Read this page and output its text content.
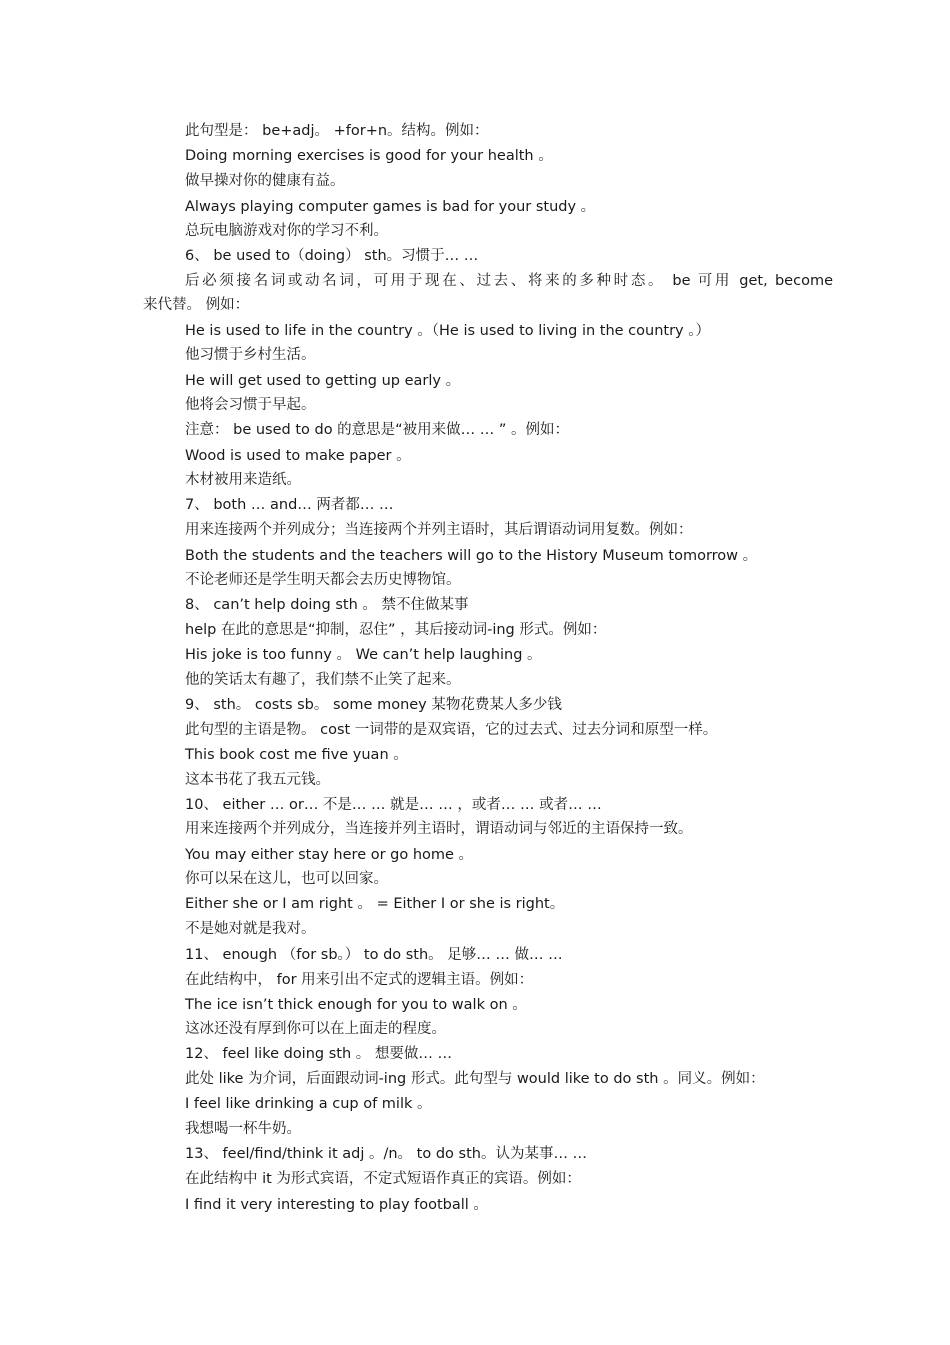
此句型是： be+adj。 +for+n。结构。例如：
Doing morning exercises is good for your health 。
做早操对你的健康有益。
Always playing computer games is bad for your study 。
总玩电脑游戏对你的学习不利。
6、 be used to（doing） sth。习惯于… …
后必须接名词或动名词，可用于现在、过去、将来的多种时态。 be 可用 get, become
来代替。 例如：
He is used to life in the country 。（He is used to living in the country 。）
他习惯于乡村生活。
He will get used to getting up early 。
他将会习惯于早起。
注意： be used to do 的意思是“被用来做… … ” 。例如：
Wood is used to make paper 。
木材被用来造纸。
7、 both … and… 两者都… …
用来连接两个并列成分；当连接两个并列主语时，其后谓语动词用复数。例如：
Both the students and the teachers will go to the History Museum tomorrow 。
不论老师还是学生明天都会去历史博物馆。
8、 can’t help doing sth 。 禁不住做某事
help 在此的意思是“抑制，忍住” ，其后接动词-ing 形式。例如：
His joke is too funny 。 We can’t help laughing 。
他的笑话太有趣了，我们禁不止笑了起来。
9、 sth。 costs sb。 some money 某物花费某人多少钱
此句型的主语是物。 cost 一词带的是双宾语，它的过去式、过去分词和原型一样。
This book cost me five yuan 。
这本书花了我五元钱。
10、 either … or… 不是… … 就是… … ，或者… … 或者… …
用来连接两个并列成分，当连接并列主语时，谓语动词与邻近的主语保持一致。
You may either stay here or go home 。
你可以呆在这儿，也可以回家。
Either she or I am right 。 = Either I or she is right。
不是她对就是我对。
11、 enough （for sb。） to do sth。 足够… … 做… …
在此结构中， for 用来引出不定式的逻辑主语。例如：
The ice isn’t thick enough for you to walk on 。
这冰还没有厚到你可以在上面走的程度。
12、 feel like doing sth 。 想要做… …
此处 like 为介词，后面跟动词-ing 形式。此句型与 would like to do sth 。同义。例如：
I feel like drinking a cup of milk 。
我想喝一杯牛奶。
13、 feel/find/think it adj 。/n。 to do sth。认为某事… …
在此结构中 it 为形式宾语，不定式短语作真正的宾语。例如：
I find it very interesting to play football 。
